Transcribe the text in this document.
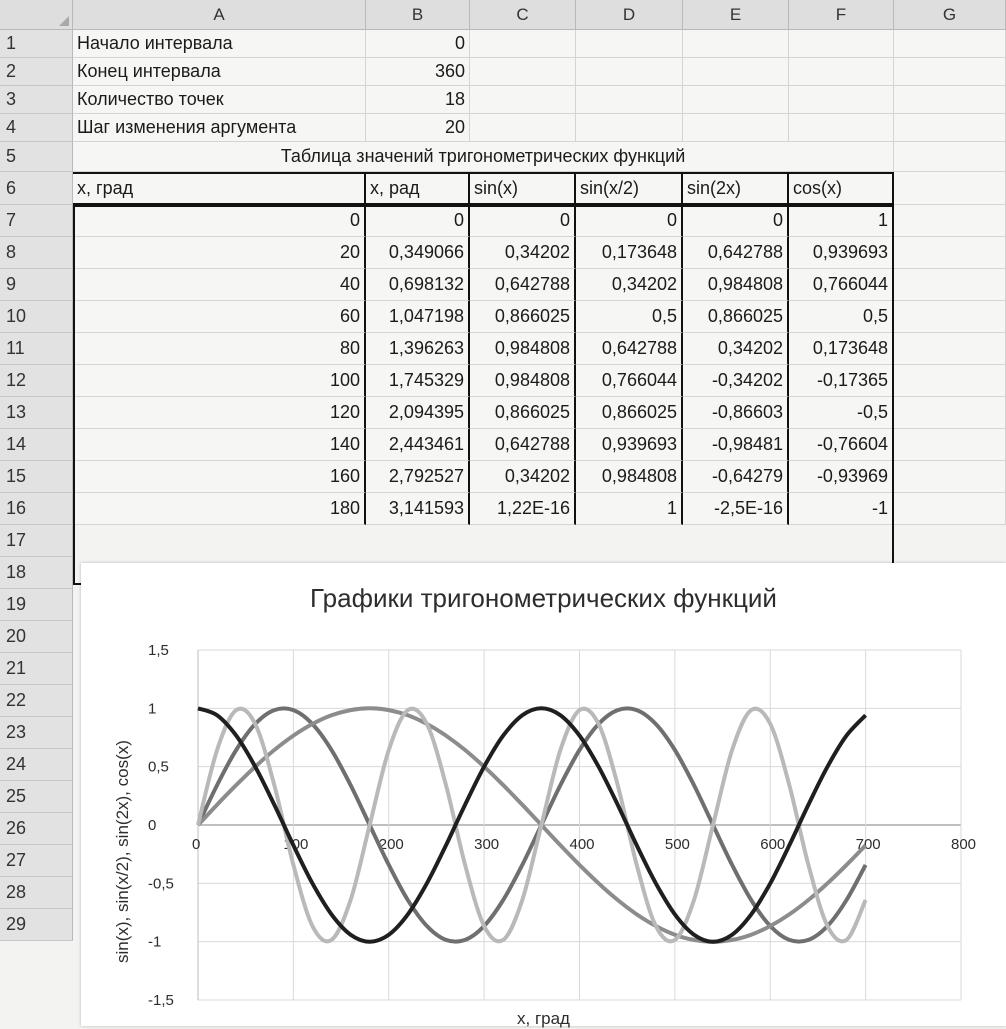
A	B	C	D	E	F	G
1
2
3
4
5
6
7
8
9
10
11
12
13
14
15
16
17
18
19
20
21
22
23
24
25
26
27
28
29
Начало интервала	0
Конец интервала	360
Количество точек	18
Шаг изменения аргумента	20
Таблица значений тригонометрических функций
x, град	x, рад	sin(x)	sin(x/2)	sin(2x)	cos(x)
0	0	0	0	0	1
20	0,349066	0,34202	0,173648	0,642788	0,939693
40	0,698132	0,642788	0,34202	0,984808	0,766044
60	1,047198	0,866025	0,5	0,866025	0,5
80	1,396263	0,984808	0,642788	0,34202	0,173648
100	1,745329	0,984808	0,766044	-0,34202	-0,17365
120	2,094395	0,866025	0,866025	-0,86603	-0,5
140	2,443461	0,642788	0,939693	-0,98481	-0,76604
160	2,792527	0,34202	0,984808	-0,64279	-0,93969
180	3,141593	1,22E-16	1	-2,5E-16	-1
1,5
1
0,5
0
-0,5
-1
-1,5
0	100	200	300	400	500	600	700	800
Графики тригонометрических функций
sin(x), sin(x/2), sin(2x), cos(x)
x, град
